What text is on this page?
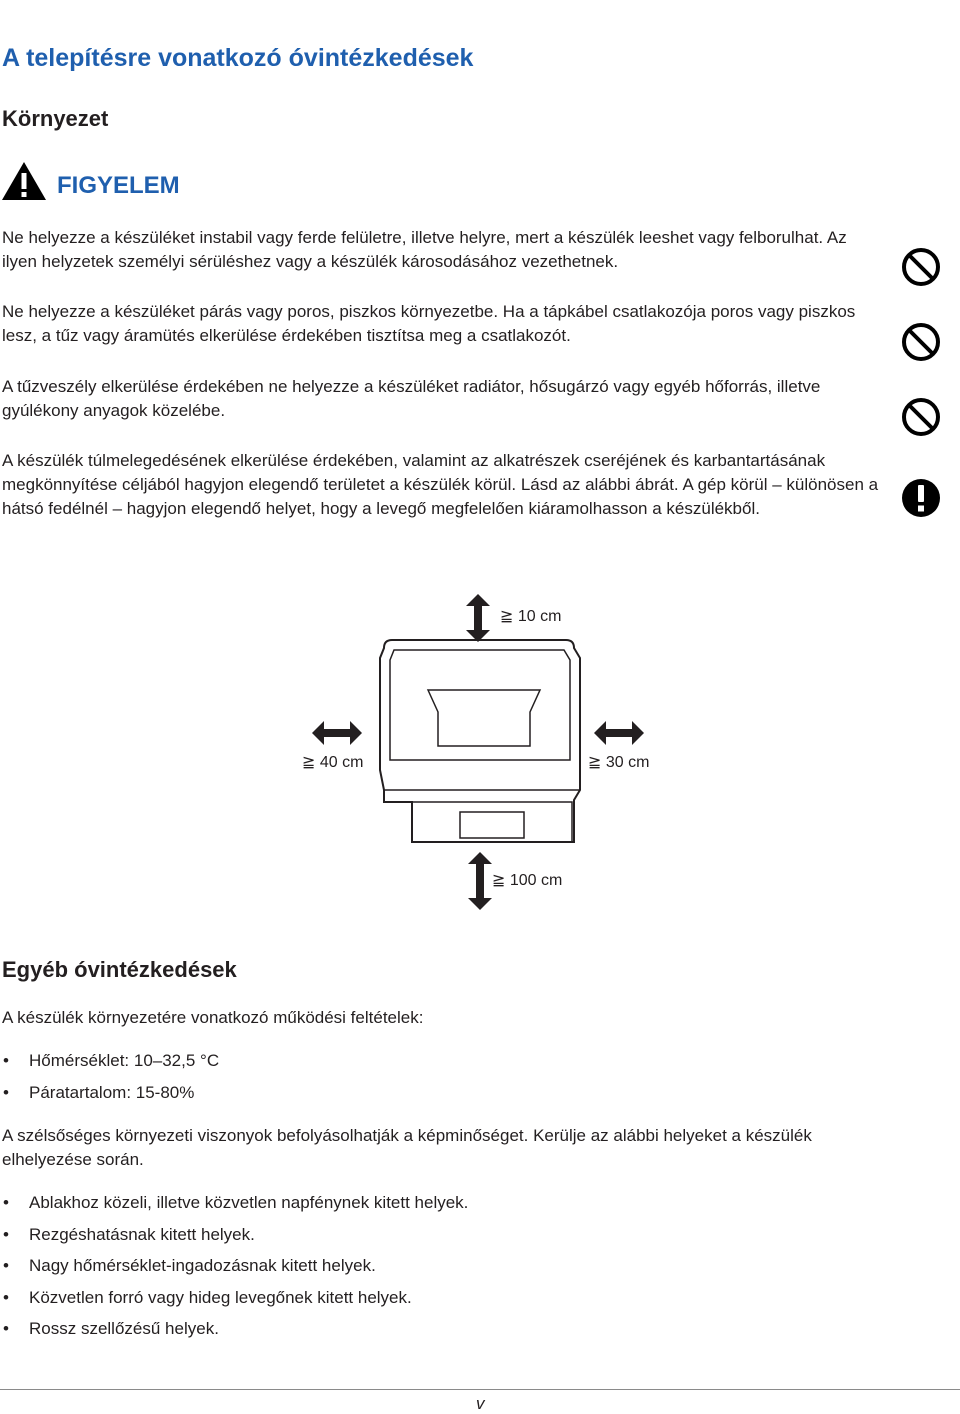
A telepítésre vonatkozó óvintézkedések
Környezet
FIGYELEM
Ne helyezze a készüléket instabil vagy ferde felületre, illetve helyre, mert a készülék leeshet vagy felborulhat. Az ilyen helyzetek személyi sérüléshez vagy a készülék károsodásához vezethetnek.
Ne helyezze a készüléket párás vagy poros, piszkos környezetbe. Ha a tápkábel csatlakozója poros vagy piszkos lesz, a tűz vagy áramütés elkerülése érdekében tisztítsa meg a csatlakozót.
A tűzveszély elkerülése érdekében ne helyezze a készüléket radiátor, hősugárzó vagy egyéb hőforrás, illetve gyúlékony anyagok közelébe.
A készülék túlmelegedésének elkerülése érdekében, valamint az alkatrészek cseréjének és karbantartásának megkönnyítése céljából hagyjon elegendő területet a készülék körül. Lásd az alábbi ábrát. A gép körül – különösen a hátsó fedélnél – hagyjon elegendő helyet, hogy a levegő megfelelően kiáramolhasson a készülékből.
≧ 10 cm
≧ 40 cm	≧ 30 cm
≧ 100 cm
Egyéb óvintézkedések
A készülék környezetére vonatkozó működési feltételek:
• Hőmérséklet: 10–32,5 °C
• Páratartalom: 15-80%
A szélsőséges környezeti viszonyok befolyásolhatják a képminőséget. Kerülje az alábbi helyeket a készülék elhelyezése során.
• Ablakhoz közeli, illetve közvetlen napfénynek kitett helyek.
• Rezgéshatásnak kitett helyek.
• Nagy hőmérséklet-ingadozásnak kitett helyek.
• Közvetlen forró vagy hideg levegőnek kitett helyek.
• Rossz szellőzésű helyek.
v
